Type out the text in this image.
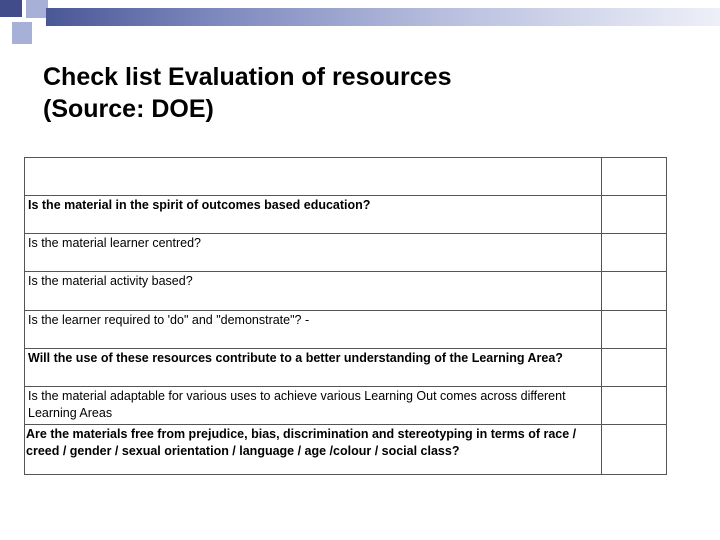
Check list Evaluation of resources
(Source: DOE)

Is the material in the spirit of outcomes based education?	
Is the material learner centred?	
Is the material activity based?	
Is the learner required to 'do" and "demonstrate"? -	
Will the use of these resources contribute to a better understanding of the Learning Area?	
Is the material adaptable for various uses to achieve various Learning Out comes across different Learning Areas	
Are the materials free from prejudice, bias, discrimination and stereotyping in terms of race / creed / gender / sexual orientation / language / age /colour / social class?	
